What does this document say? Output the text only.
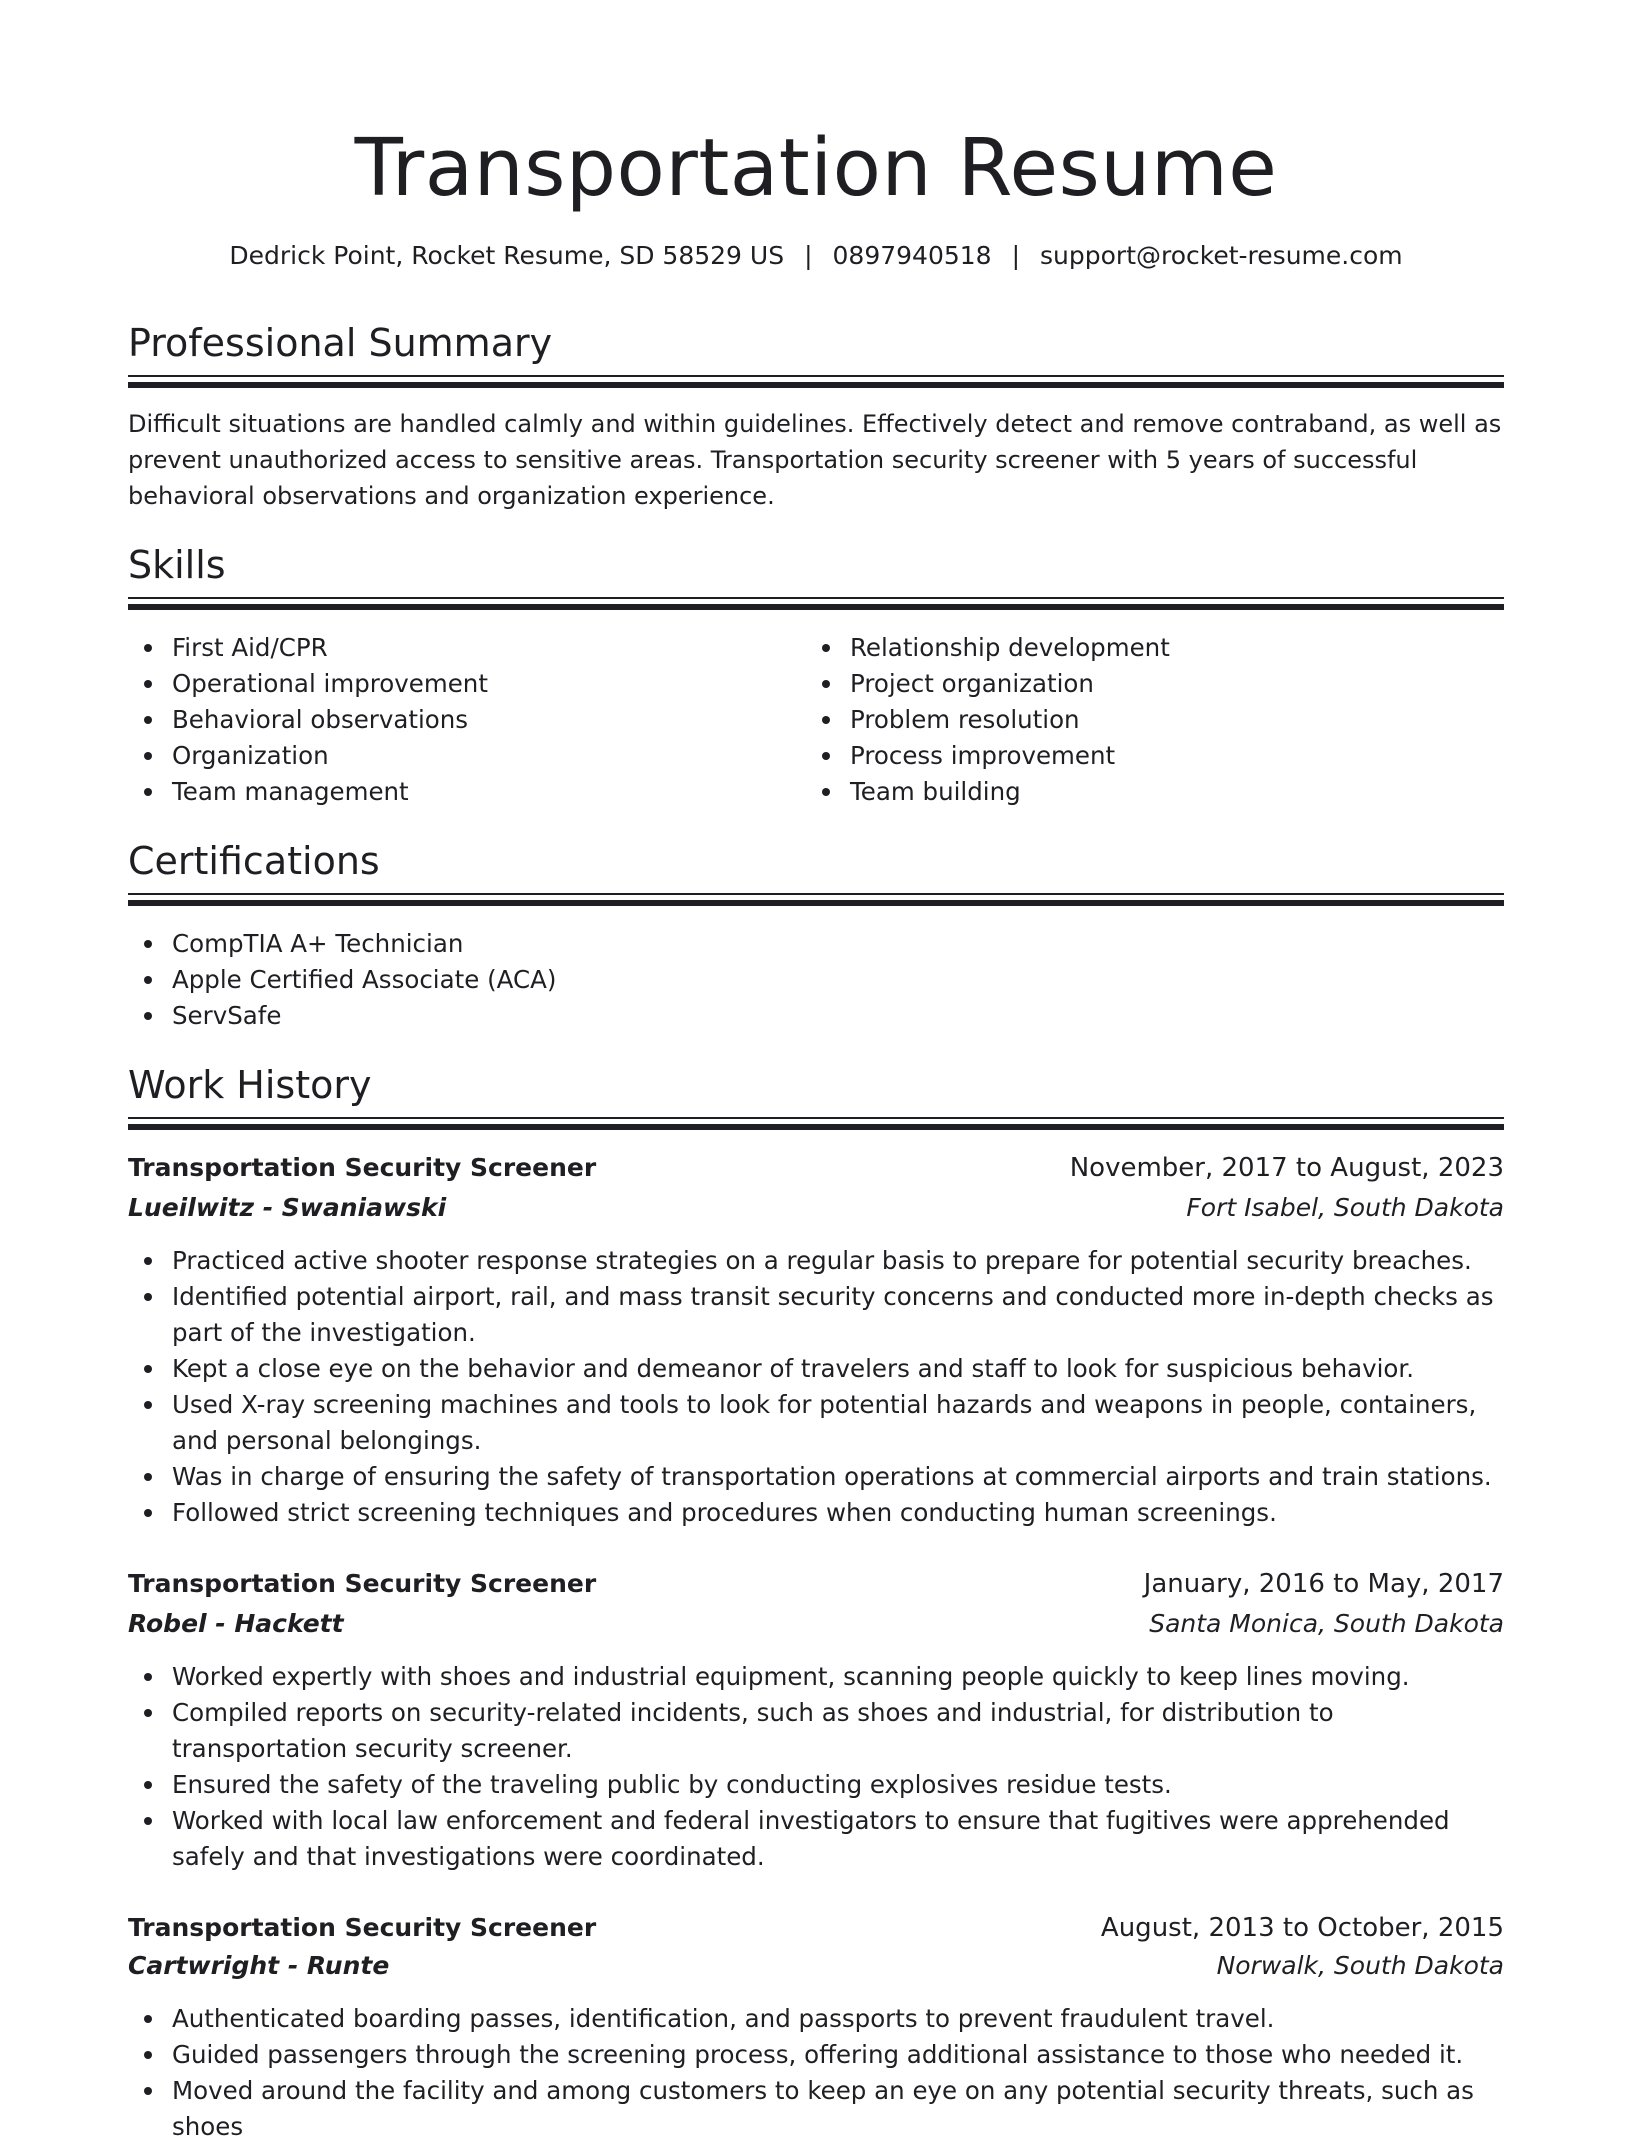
Transportation Resume
Dedrick Point, Rocket Resume, SD 58529 US | 0897940518 | support@rocket-resume.com
Professional Summary

Difficult situations are handled calmly and within guidelines. Effectively detect and remove contraband, as well as prevent unauthorized access to sensitive areas. Transportation security screener with 5 years of successful behavioral observations and organization experience.

Skills
First Aid/CPR
Operational improvement
Behavioral observations
Organization
Team management
Relationship development
Project organization
Problem resolution
Process improvement
Team building
Certifications
CompTIA A+ Technician
Apple Certified Associate (ACA)
ServSafe
Work History
Transportation Security Screener	November, 2017 to August, 2023
Lueilwitz - Swaniawski	Fort Isabel, South Dakota
Practiced active shooter response strategies on a regular basis to prepare for potential security breaches.
Identified potential airport, rail, and mass transit security concerns and conducted more in-depth checks as part of the investigation.
Kept a close eye on the behavior and demeanor of travelers and staff to look for suspicious behavior.
Used X-ray screening machines and tools to look for potential hazards and weapons in people, containers, and personal belongings.
Was in charge of ensuring the safety of transportation operations at commercial airports and train stations.
Followed strict screening techniques and procedures when conducting human screenings.
Transportation Security Screener	January, 2016 to May, 2017
Robel - Hackett	Santa Monica, South Dakota
Worked expertly with shoes and industrial equipment, scanning people quickly to keep lines moving.
Compiled reports on security-related incidents, such as shoes and industrial, for distribution to transportation security screener.
Ensured the safety of the traveling public by conducting explosives residue tests.
Worked with local law enforcement and federal investigators to ensure that fugitives were apprehended safely and that investigations were coordinated.
Transportation Security Screener	August, 2013 to October, 2015
Cartwright - Runte	Norwalk, South Dakota
Authenticated boarding passes, identification, and passports to prevent fraudulent travel.
Guided passengers through the screening process, offering additional assistance to those who needed it.
Moved around the facility and among customers to keep an eye on any potential security threats, such as shoes
